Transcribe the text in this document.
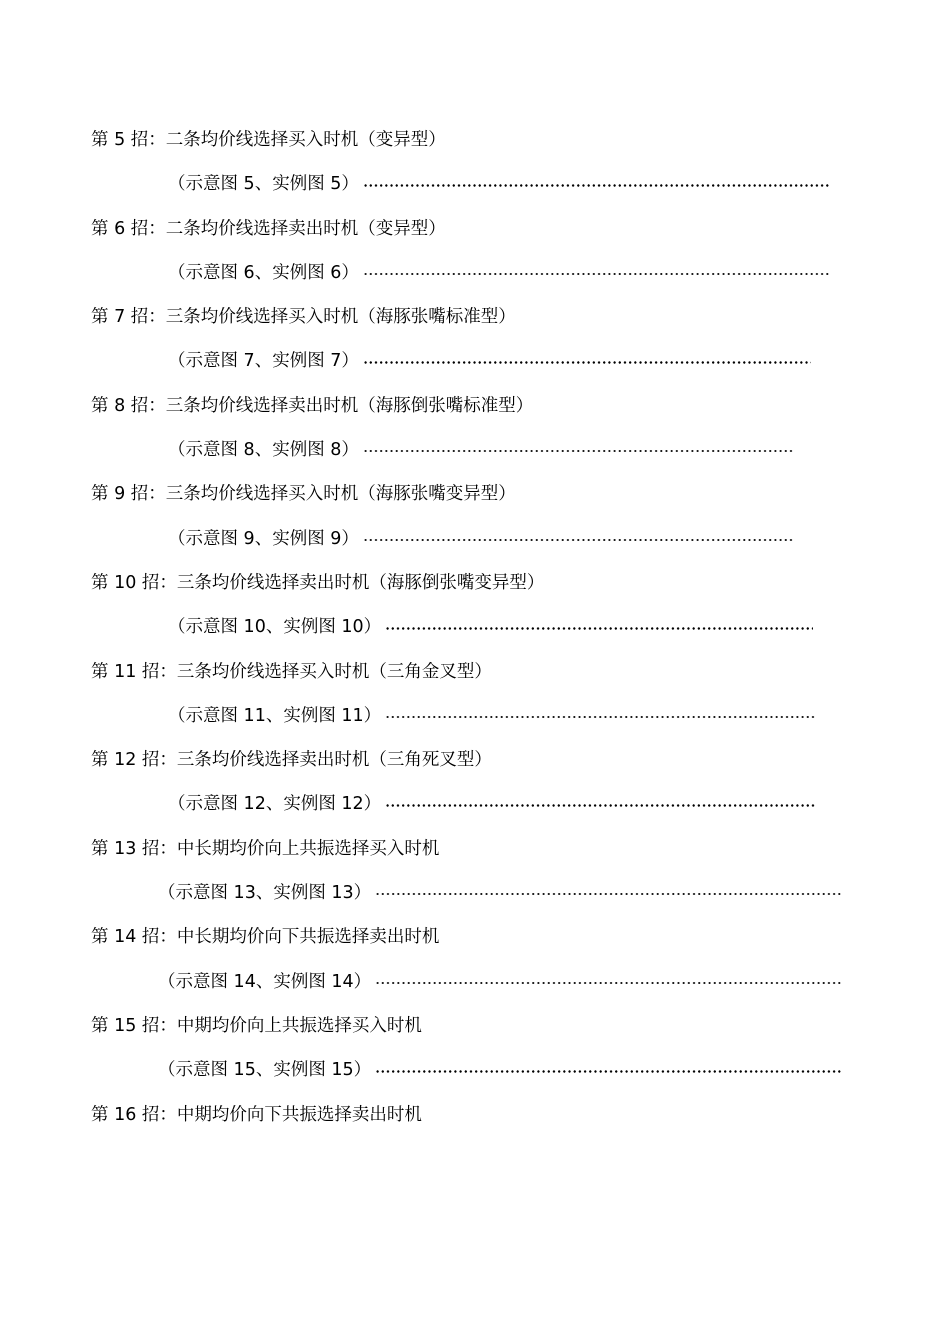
第 5 招：二条均价线选择买入时机（变异型）
（示意图 5、实例图 5）
第 6 招：二条均价线选择卖出时机（变异型）
（示意图 6、实例图 6）
第 7 招：三条均价线选择买入时机（海豚张嘴标准型）
（示意图 7、实例图 7）
第 8 招：三条均价线选择卖出时机（海豚倒张嘴标准型）
（示意图 8、实例图 8）
第 9 招：三条均价线选择买入时机（海豚张嘴变异型）
（示意图 9、实例图 9）
第 10 招：三条均价线选择卖出时机（海豚倒张嘴变异型）
（示意图 10、实例图 10）
第 11 招：三条均价线选择买入时机（三角金叉型）
（示意图 11、实例图 11）
第 12 招：三条均价线选择卖出时机（三角死叉型）
（示意图 12、实例图 12）
第 13 招：中长期均价向上共振选择买入时机
（示意图 13、实例图 13）
第 14 招：中长期均价向下共振选择卖出时机
（示意图 14、实例图 14）
第 15 招：中期均价向上共振选择买入时机
（示意图 15、实例图 15）
第 16 招：中期均价向下共振选择卖出时机
